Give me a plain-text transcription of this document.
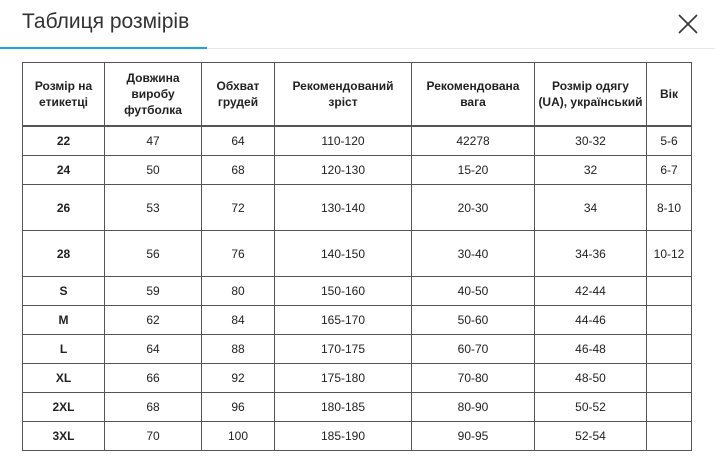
Таблиця розмірів
Розмір на етикетці	Довжина виробу футболка	Обхват грудей	Рекомендований зріст	Рекомендована вага	Розмір одягу (UA), український	Вік

22	47	64	110-120	42278	30-32	5-6
24	50	68	120-130	15-20	32	6-7
26	53	72	130-140	20-30	34	8-10
28	56	76	140-150	30-40	34-36	10-12
S	59	80	150-160	40-50	42-44	
M	62	84	165-170	50-60	44-46	
L	64	88	170-175	60-70	46-48	
XL	66	92	175-180	70-80	48-50	
2XL	68	96	180-185	80-90	50-52	
3XL	70	100	185-190	90-95	52-54	
